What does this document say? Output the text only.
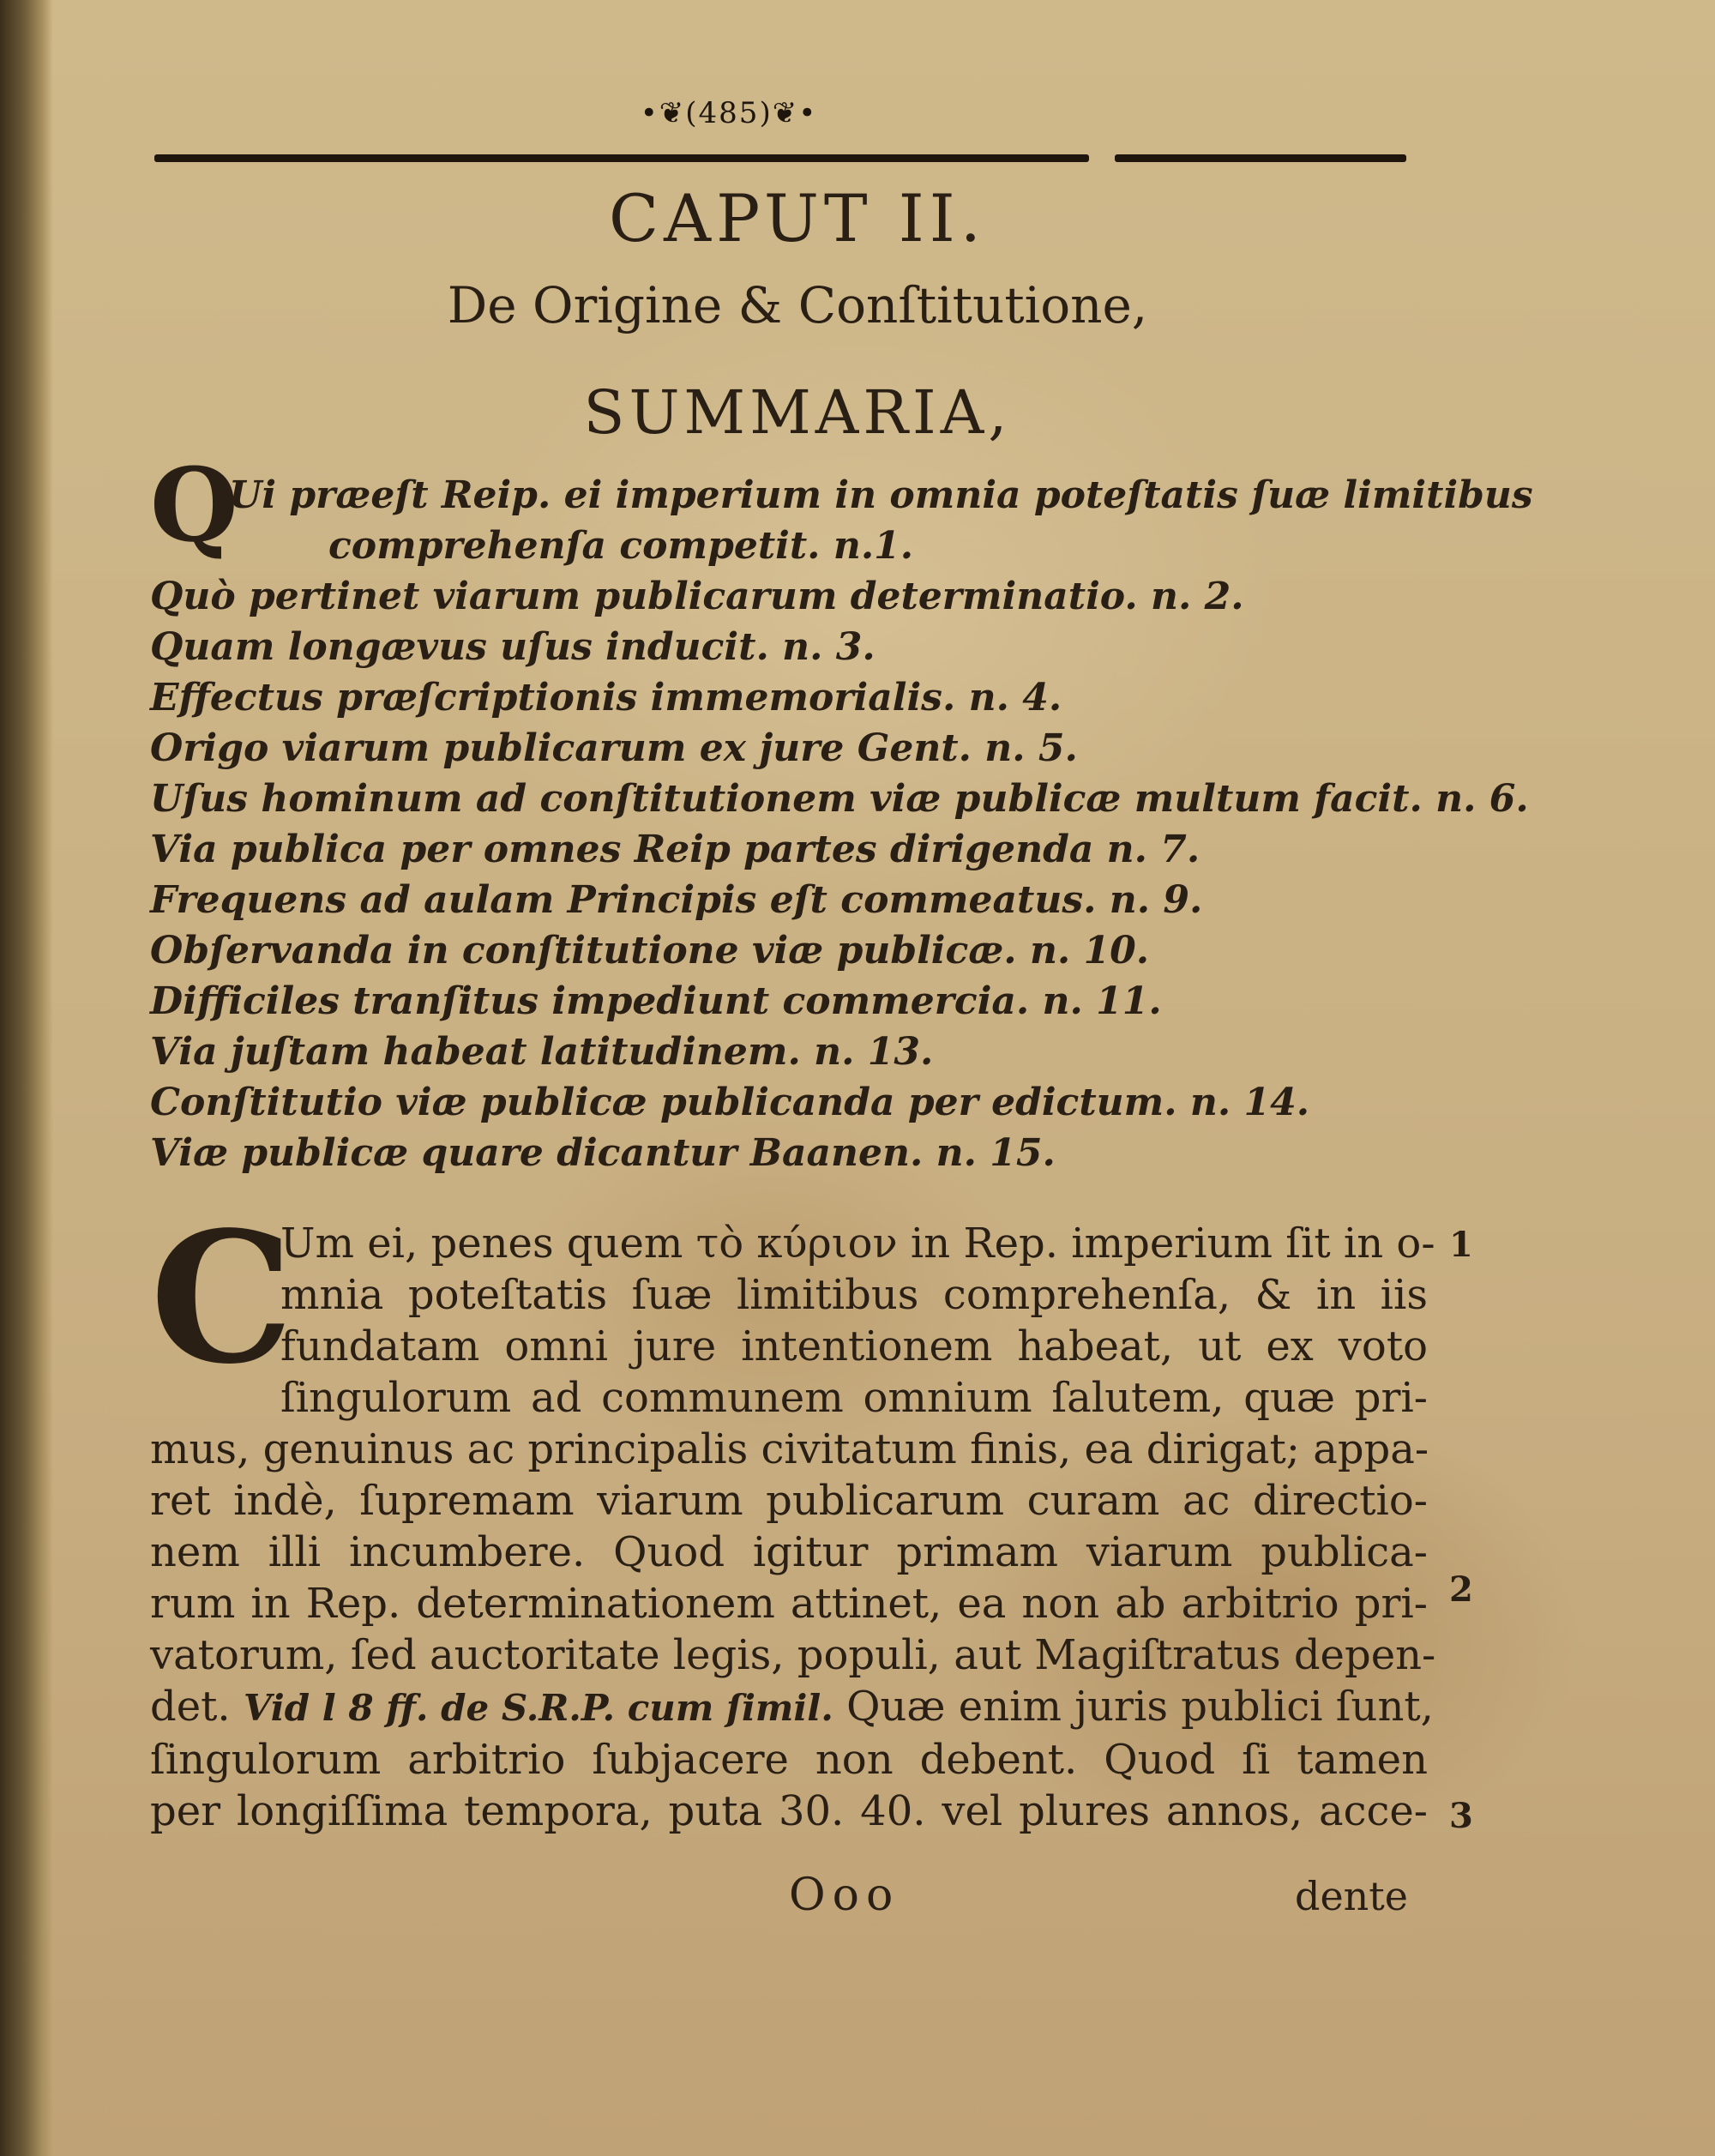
•❦(485)❦•
CAPUT II.
De Origine & Conſtitutione,
SUMMARIA,
Q
Ui præeſt Reip. ei imperium in omnia poteſtatis ſuæ limitibus
comprehenſa competit. n.1.
Quò pertinet viarum publicarum determinatio. n. 2.
Quam longævus uſus inducit. n. 3.
Effectus præſcriptionis immemorialis. n. 4.
Origo viarum publicarum ex jure Gent. n. 5.
Uſus hominum ad conſtitutionem viæ publicæ multum facit. n. 6.
Via publica per omnes Reip partes dirigenda n. 7.
Frequens ad aulam Principis eſt commeatus. n. 9.
Obſervanda in conſtitutione viæ publicæ. n. 10.
Difficiles tranſitus impediunt commercia. n. 11.
Via juſtam habeat latitudinem. n. 13.
Conſtitutio viæ publicæ publicanda per edictum. n. 14.
Viæ publicæ quare dicantur Baanen. n. 15.
C
Um ei, penes quem τὸ κύριον in Rep. imperium ſit in o-
mnia poteſtatis ſuæ limitibus comprehenſa, & in iis
fundatam omni jure intentionem habeat, ut ex voto
ſingulorum ad communem omnium ſalutem, quæ pri-
mus, genuinus ac principalis civitatum finis, ea dirigat; appa-
ret indè, ſupremam viarum publicarum curam ac directio-
nem illi incumbere. Quod igitur primam viarum publica-
rum in Rep. determinationem attinet, ea non ab arbitrio pri-
vatorum, ſed auctoritate legis, populi, aut Magiſtratus depen-
det. Vid l 8 ff. de S.R.P. cum ſimil. Quæ enim juris publici ſunt,
ſingulorum arbitrio ſubjacere non debent. Quod ſi tamen
per longiſſima tempora, puta 30. 40. vel plures annos, acce-
1
2
3
Ooo	dente
